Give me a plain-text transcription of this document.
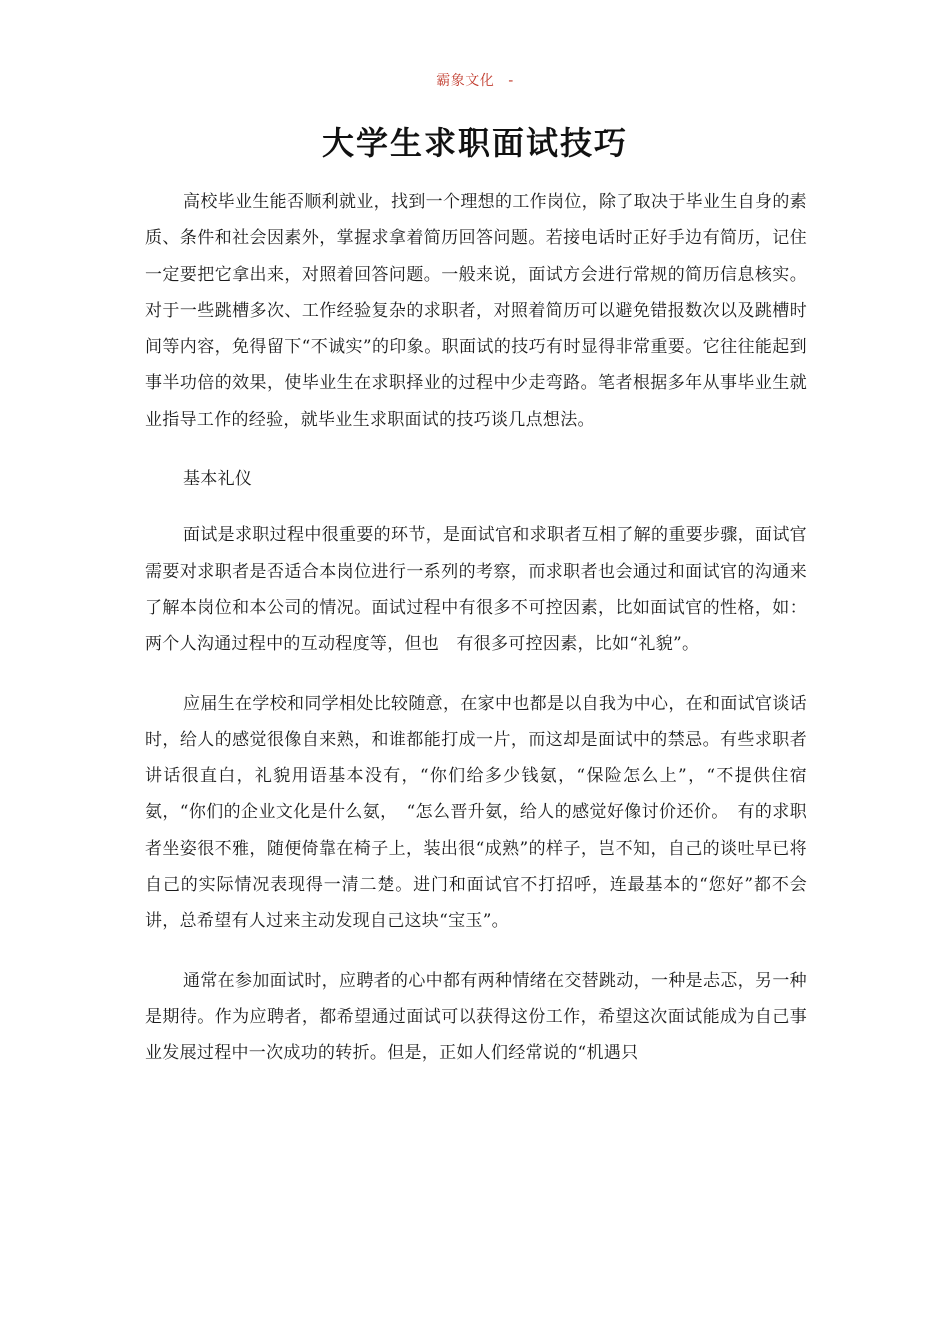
霸象文化 -
大学生求职面试技巧

高校毕业生能否顺利就业，找到一个理想的工作岗位，除了取决于毕业生自身的素质、条件和社会因素外，掌握求拿着简历回答问题。若接电话时正好手边有简历，记住一定要把它拿出来，对照着回答问题。一般来说，面试方会进行常规的简历信息核实。对于一些跳槽多次、工作经验复杂的求职者，对照着简历可以避免错报数次以及跳槽时间等内容，免得留下“不诚实”的印象。职面试的技巧有时显得非常重要。它往往能起到事半功倍的效果，使毕业生在求职择业的过程中少走弯路。笔者根据多年从事毕业生就业指导工作的经验，就毕业生求职面试的技巧谈几点想法。

基本礼仪

面试是求职过程中很重要的环节，是面试官和求职者互相了解的重要步骤，面试官需要对求职者是否适合本岗位进行一系列的考察，而求职者也会通过和面试官的沟通来了解本岗位和本公司的情况。面试过程中有很多不可控因素，比如面试官的性格，如：两个人沟通过程中的互动程度等，但也　有很多可控因素，比如“礼貌”。

应届生在学校和同学相处比较随意，在家中也都是以自我为中心，在和面试官谈话时，给人的感觉很像自来熟，和谁都能打成一片，而这却是面试中的禁忌。有些求职者讲话很直白，礼貌用语基本没有，“你们给多少钱氨，“保险怎么上”，“不提供住宿氨，“你们的企业文化是什么氨，　“怎么晋升氨，给人的感觉好像讨价还价。　有的求职者坐姿很不雅，随便倚靠在椅子上，装出很“成熟”的样子，岂不知，自己的谈吐早已将自己的实际情况表现得一清二楚。进门和面试官不打招呼，连最基本的“您好”都不会讲，总希望有人过来主动发现自己这块“宝玉”。

通常在参加面试时，应聘者的心中都有两种情绪在交替跳动，一种是忐忑，另一种是期待。作为应聘者，都希望通过面试可以获得这份工作，希望这次面试能成为自己事业发展过程中一次成功的转折。但是，正如人们经常说的“机遇只
